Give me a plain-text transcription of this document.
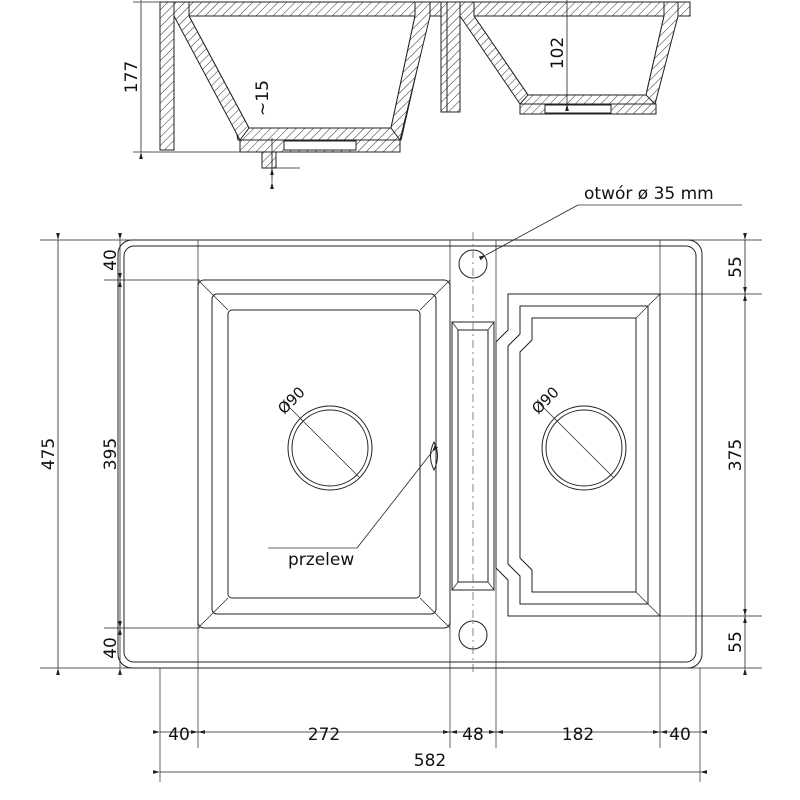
177
~15
102
Ø90	Ø90
otwór ø 35 mm
przelew
40
395
40
475
55
375
55
40	272	48	182	40
582
